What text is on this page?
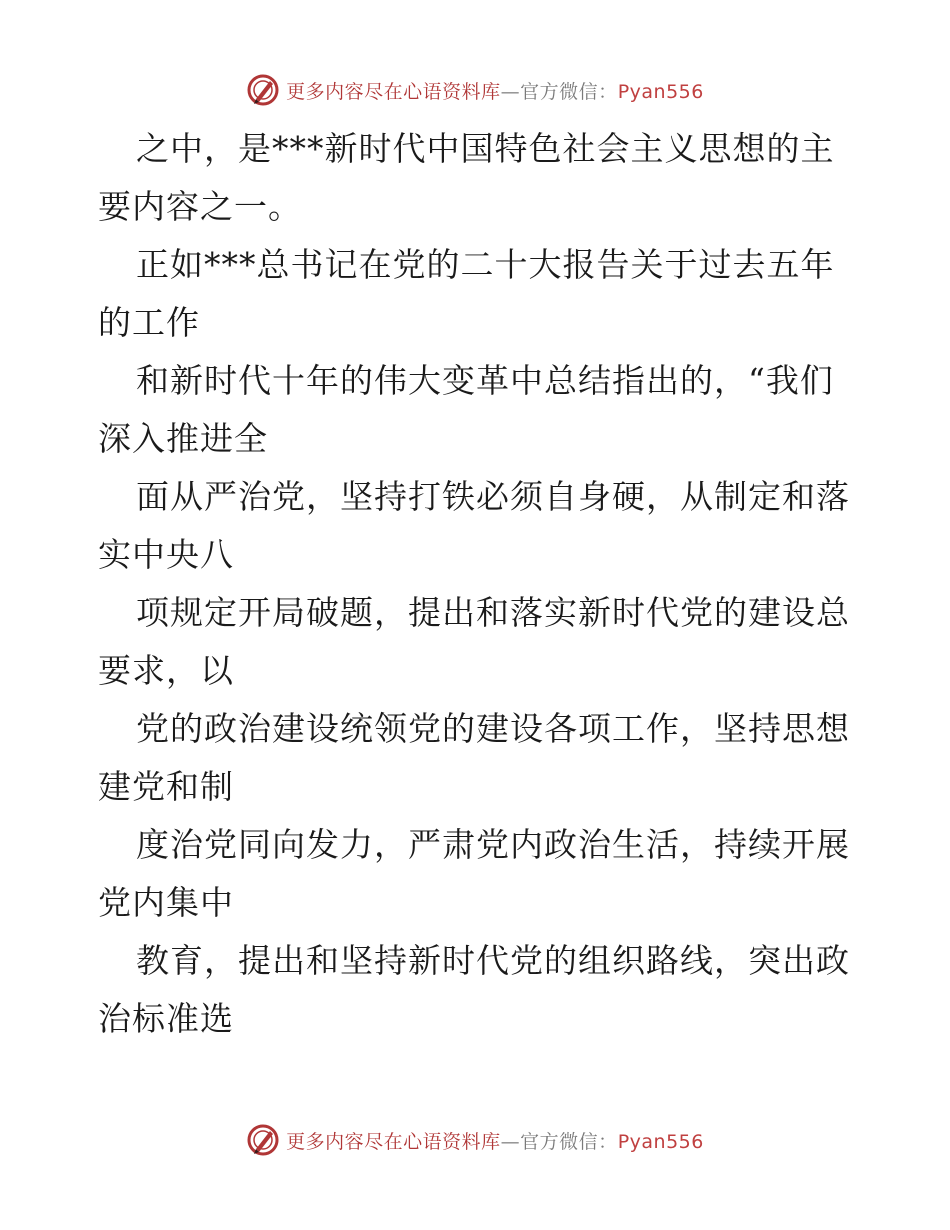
更多内容尽在心语资料库—官方微信：Pyan556
之中，是***新时代中国特色社会主义思想的主
要内容之一。
正如***总书记在党的二十大报告关于过去五年
的工作
和新时代十年的伟大变革中总结指出的，“我们
深入推进全
面从严治党，坚持打铁必须自身硬，从制定和落
实中央八
项规定开局破题，提出和落实新时代党的建设总
要求，以
党的政治建设统领党的建设各项工作，坚持思想
建党和制
度治党同向发力，严肃党内政治生活，持续开展
党内集中
教育，提出和坚持新时代党的组织路线，突出政
治标准选
更多内容尽在心语资料库—官方微信：Pyan556
